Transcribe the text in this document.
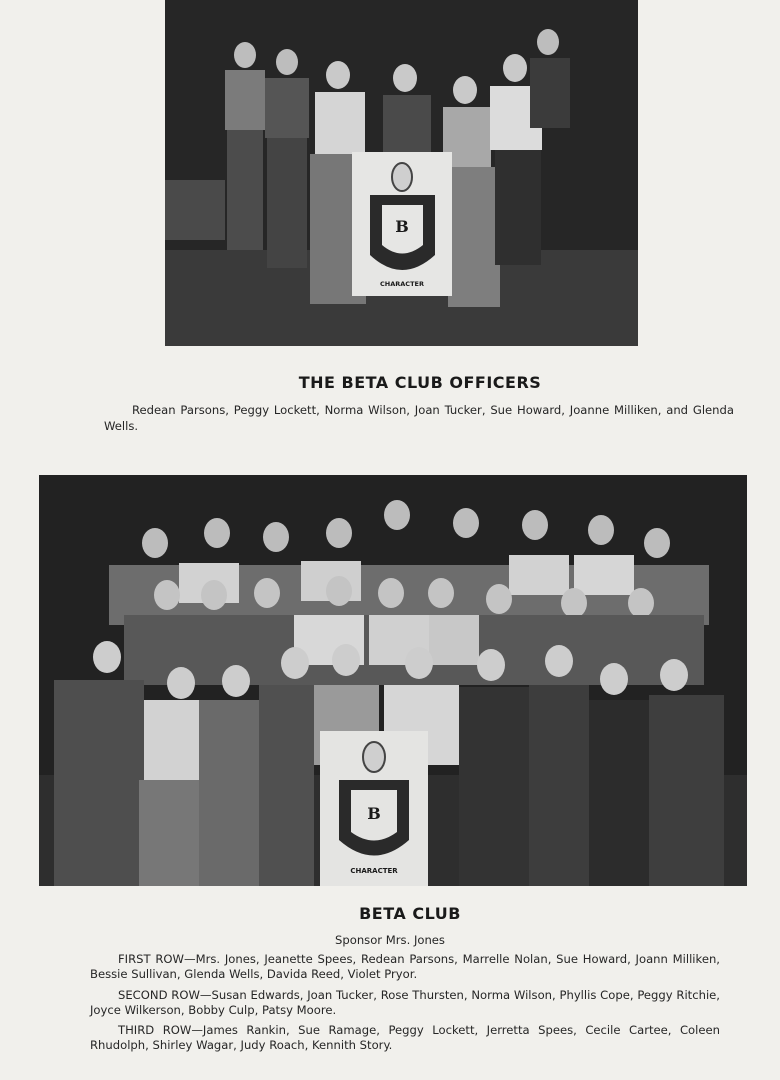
B
CHARACTER
THE BETA CLUB OFFICERS
Redean Parsons, Peggy Lockett, Norma Wilson, Joan Tucker, Sue Howard, Joanne Milliken, and Glenda Wells.
B
CHARACTER
BETA CLUB
Sponsor Mrs. Jones
FIRST ROW—Mrs. Jones, Jeanette Spees, Redean Parsons, Marrelle Nolan, Sue Howard, Joann Milliken, Bessie Sullivan, Glenda Wells, Davida Reed, Violet Pryor.
SECOND ROW—Susan Edwards, Joan Tucker, Rose Thursten, Norma Wilson, Phyllis Cope, Peggy Ritchie, Joyce Wilkerson, Bobby Culp, Patsy Moore.
THIRD ROW—James Rankin, Sue Ramage, Peggy Lockett, Jerretta Spees, Cecile Cartee, Coleen Rhudolph, Shirley Wagar, Judy Roach, Kennith Story.
